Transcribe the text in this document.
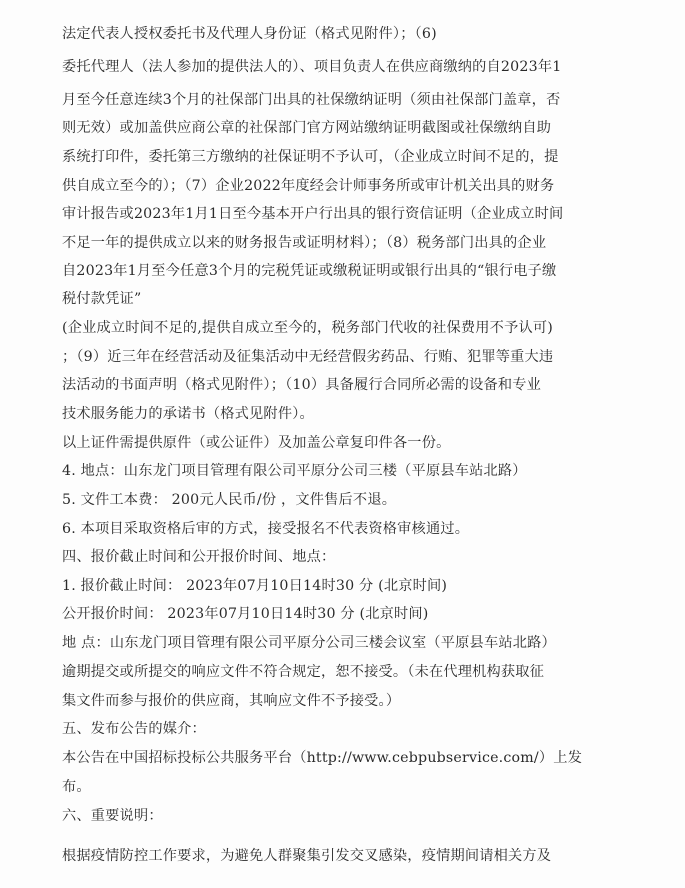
法定代表人授权委托书及代理人身份证（格式见附件）；（6)
委托代理人（法人参加的提供法人的）、项目负责人在供应商缴纳的自2023年1
月至今任意连续3个月的社保部门出具的社保缴纳证明（须由社保部门盖章，否
则无效）或加盖供应商公章的社保部门官方网站缴纳证明截图或社保缴纳自助
系统打印件，委托第三方缴纳的社保证明不予认可，（企业成立时间不足的，提
供自成立至今的）；（7）企业2022年度经会计师事务所或审计机关出具的财务
审计报告或2023年1月1日至今基本开户行出具的银行资信证明（企业成立时间
不足一年的提供成立以来的财务报告或证明材料）；（8）税务部门出具的企业
自2023年1月至今任意3个月的完税凭证或缴税证明或银行出具的“银行电子缴
税付款凭证”
(企业成立时间不足的,提供自成立至今的，税务部门代收的社保费用不予认可)
；（9）近三年在经营活动及征集活动中无经营假劣药品、行贿、犯罪等重大违
法活动的书面声明（格式见附件）；（10）具备履行合同所必需的设备和专业
技术服务能力的承诺书（格式见附件）。
以上证件需提供原件（或公证件）及加盖公章复印件各一份。
4. 地点：山东龙门项目管理有限公司平原分公司三楼（平原县车站北路）
5. 文件工本费： 200元人民币/份 ，文件售后不退。
6. 本项目采取资格后审的方式，接受报名不代表资格审核通过。
四、报价截止时间和公开报价时间、地点：
1. 报价截止时间： 2023年07月10日14时30 分 (北京时间)
公开报价时间： 2023年07月10日14时30 分 (北京时间)
地 点：山东龙门项目管理有限公司平原分公司三楼会议室（平原县车站北路）
逾期提交或所提交的响应文件不符合规定，恕不接受。（未在代理机构获取征
集文件而参与报价的供应商，其响应文件不予接受。）
五、发布公告的媒介：
本公告在中国招标投标公共服务平台（http://www.cebpubservice.com/）上发
布。
六、重要说明：
根据疫情防控工作要求，为避免人群聚集引发交叉感染，疫情期间请相关方及
